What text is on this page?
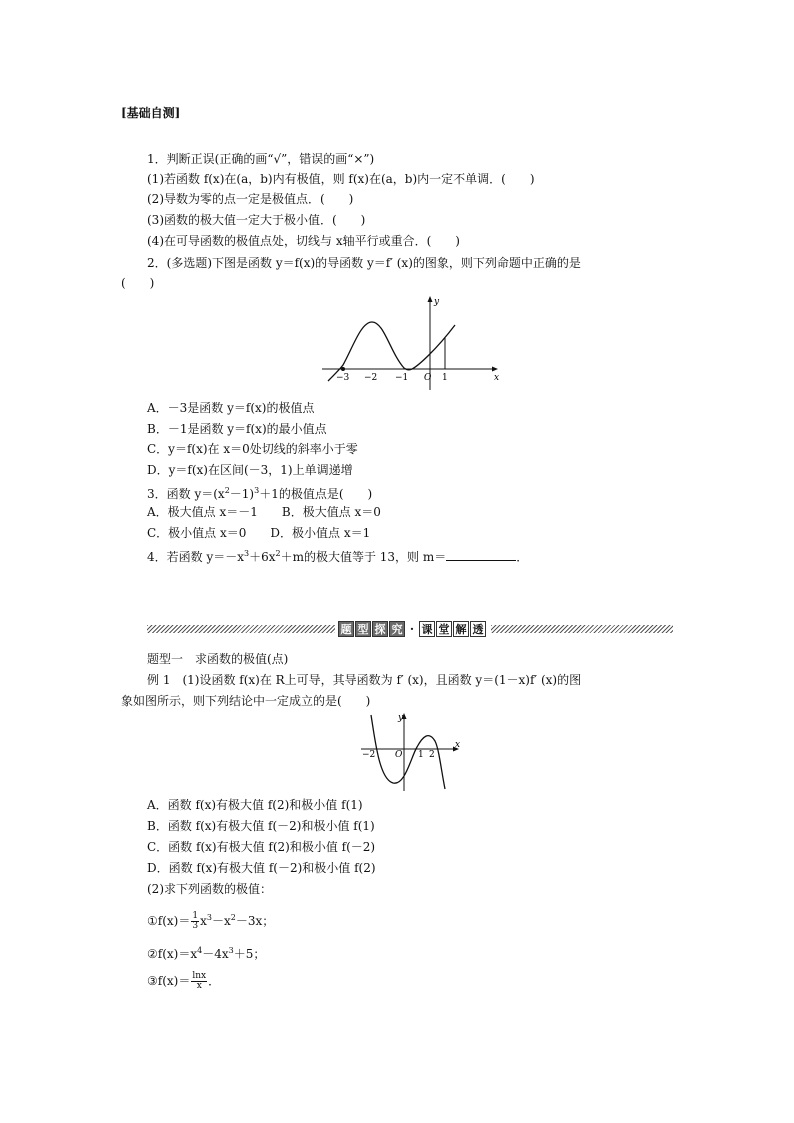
[基础自测]
1．判断正误(正确的画“√”，错误的画“×”)
(1)若函数 f(x)在(a，b)内有极值，则 f(x)在(a，b)内一定不单调．(　　)
(2)导数为零的点一定是极值点．(　　)
(3)函数的极大值一定大于极小值．(　　)
(4)在可导函数的极值点处，切线与 x轴平行或重合．(　　)
2．(多选题)下图是函数 y＝f(x)的导函数 y＝f′ (x)的图象，则下列命题中正确的是
(　　)
y
x
O
−3 −2 −1	1
A．－3是函数 y＝f(x)的极值点
B．－1是函数 y＝f(x)的最小值点
C．y＝f(x)在 x＝0处切线的斜率小于零
D．y＝f(x)在区间(－3，1)上单调递增
3．函数 $y=(x^2-1)^3+1$的极值点是(　　)
A．极大值点 x＝－1　　B．极大值点 x＝0
C．极小值点 x＝0　　D．极小值点 x＝1
4．若函数 $y=-x^3+6x^2+m$的极大值等于 13，则 m＝	．
题 型 探 究 · 课 堂 解 透
题型一　求函数的极值(点)
例 1　(1)设函数 f(x)在 R上可导，其导函数为 f′ (x)，且函数 y＝(1－x)f′ (x)的图
象如图所示，则下列结论中一定成立的是(　　)
y
x
O
−2	1 2
A．函数 f(x)有极大值 f(2)和极小值 f(1)
B．函数 f(x)有极大值 f(－2)和极小值 f(1)
C．函数 f(x)有极大值 f(2)和极小值 f(－2)
D．函数 f(x)有极大值 f(－2)和极小值 f(2)
(2)求下列函数的极值：
①f(x)＝ $\frac{1}{3} x^3-x^2-3x$；
$②f(x)=x^4-4x^3+5$；
③f(x)＝ $\frac{\ln x}{x}$ ．
